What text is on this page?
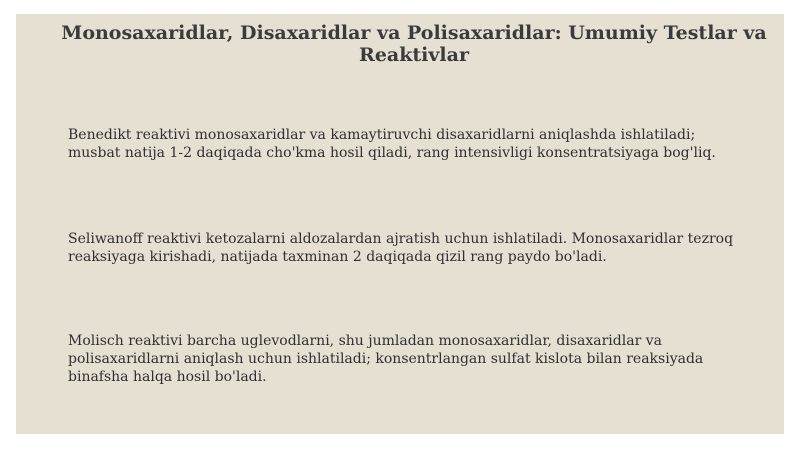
Monosaxaridlar, Disaxaridlar va Polisaxaridlar: Umumiy Testlar va Reaktivlar
Benedikt reaktivi monosaxaridlar va kamaytiruvchi disaxaridlarni aniqlashda ishlatiladi; musbat natija 1-2 daqiqada cho'kma hosil qiladi, rang intensivligi konsentratsiyaga bog'liq.
Seliwanoff reaktivi ketozalarni aldozalardan ajratish uchun ishlatiladi. Monosaxaridlar tezroq reaksiyaga kirishadi, natijada taxminan 2 daqiqada qizil rang paydo bo'ladi.
Molisch reaktivi barcha uglevodlarni, shu jumladan monosaxaridlar, disaxaridlar va polisaxaridlarni aniqlash uchun ishlatiladi; konsentrlangan sulfat kislota bilan reaksiyada binafsha halqa hosil bo'ladi.
